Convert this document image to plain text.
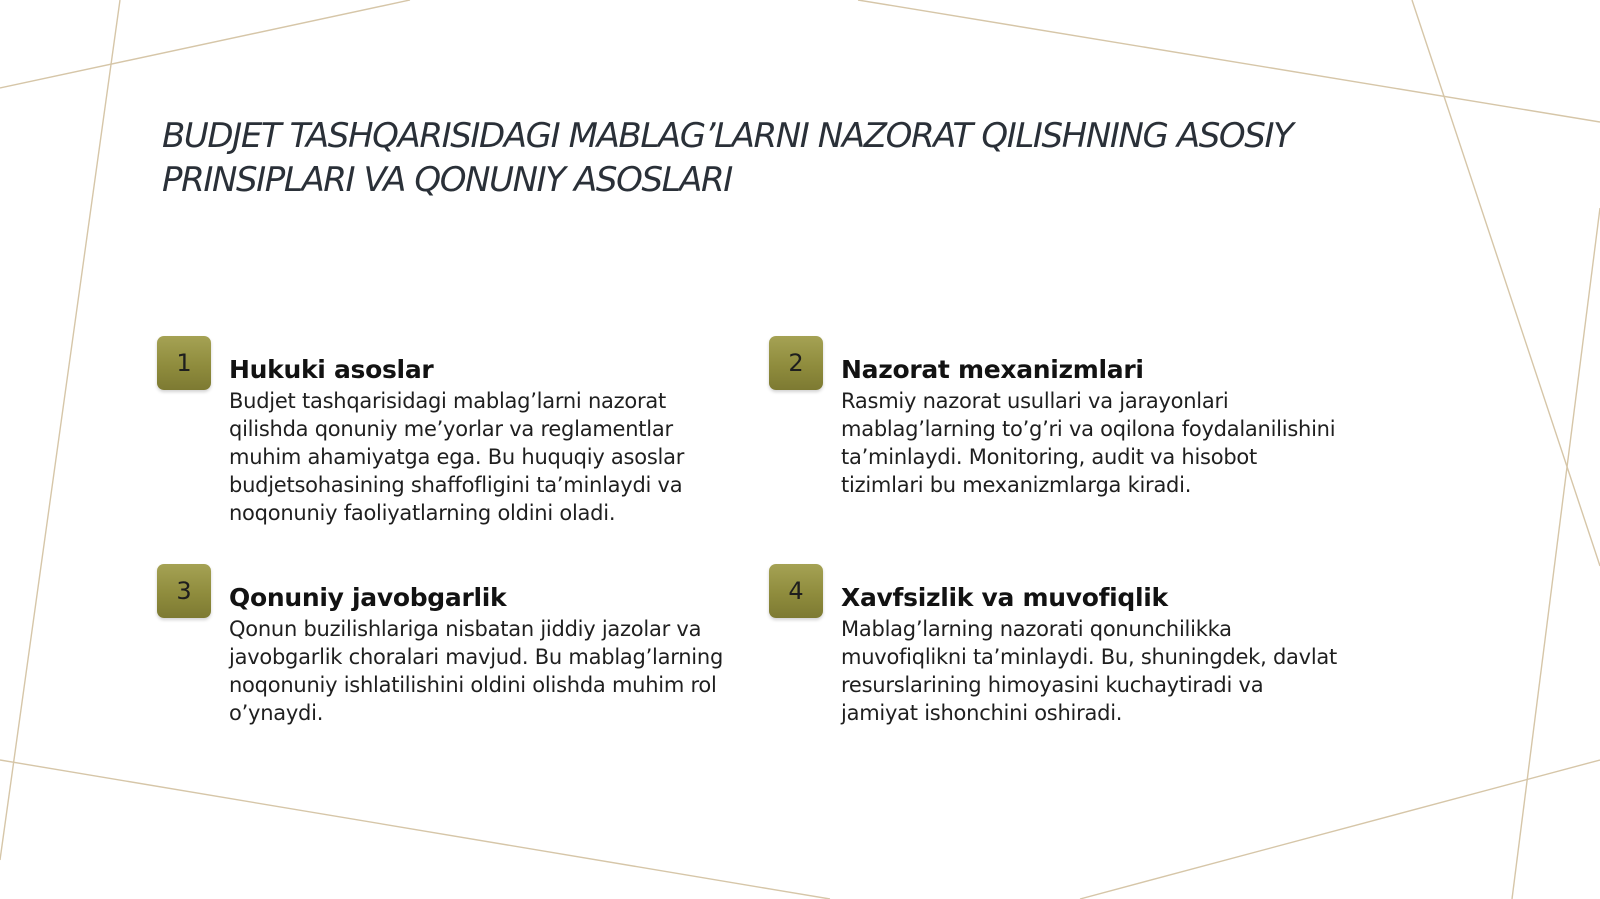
BUDJET TASHQARISIDAGI MABLAG’LARNI NAZORAT QILISHNING ASOSIY
PRINSIPLARI VA QONUNIY ASOSLARI
1	Hukuki asoslar

Budjet tashqarisidagi mablag’larni nazorat
qilishda qonuniy me’yorlar va reglamentlar
muhim ahamiyatga ega. Bu huquqiy asoslar
budjetsohasining shaffofligini ta’minlaydi va
noqonuniy faoliyatlarning oldini oladi.

2	Nazorat mexanizmlari

Rasmiy nazorat usullari va jarayonlari
mablag’larning to’g’ri va oqilona foydalanilishini
ta’minlaydi. Monitoring, audit va hisobot
tizimlari bu mexanizmlarga kiradi.

3	Qonuniy javobgarlik

Qonun buzilishlariga nisbatan jiddiy jazolar va
javobgarlik choralari mavjud. Bu mablag’larning
noqonuniy ishlatilishini oldini olishda muhim rol
o’ynaydi.

4	Xavfsizlik va muvofiqlik

Mablag’larning nazorati qonunchilikka
muvofiqlikni ta’minlaydi. Bu, shuningdek, davlat
resurslarining himoyasini kuchaytiradi va
jamiyat ishonchini oshiradi.
